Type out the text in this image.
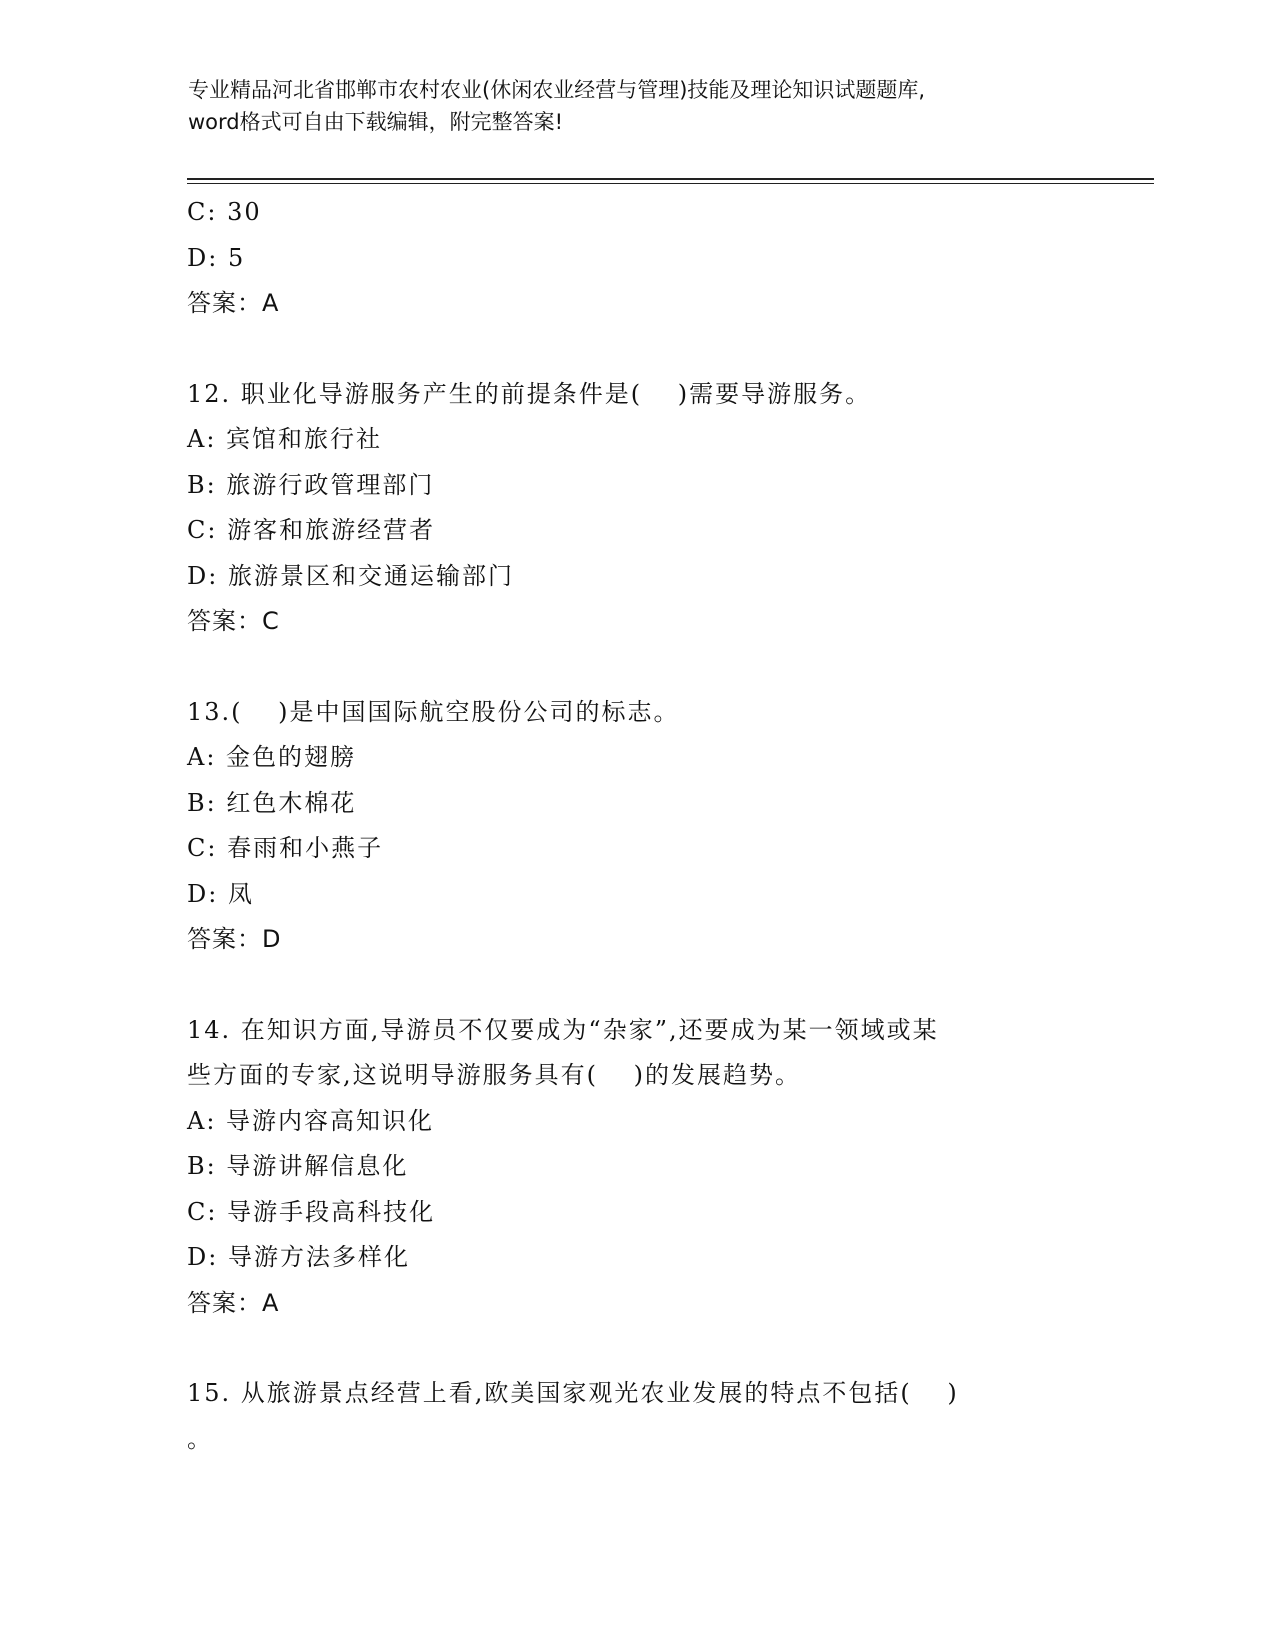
专业精品河北省邯郸市农村农业(休闲农业经营与管理)技能及理论知识试题题库,
word格式可自由下载编辑，附完整答案!
C: 30
D: 5
答案：A
12. 职业化导游服务产生的前提条件是(　 )需要导游服务。
A: 宾馆和旅行社
B: 旅游行政管理部门
C: 游客和旅游经营者
D: 旅游景区和交通运输部门
答案：C
13.(　 )是中国国际航空股份公司的标志。
A: 金色的翅膀
B: 红色木棉花
C: 春雨和小燕子
D: 凤
答案：D
14. 在知识方面,导游员不仅要成为“杂家”,还要成为某一领域或某
些方面的专家,这说明导游服务具有(　 )的发展趋势。
A: 导游内容高知识化
B: 导游讲解信息化
C: 导游手段高科技化
D: 导游方法多样化
答案：A
15. 从旅游景点经营上看,欧美国家观光农业发展的特点不包括(　 )
。
